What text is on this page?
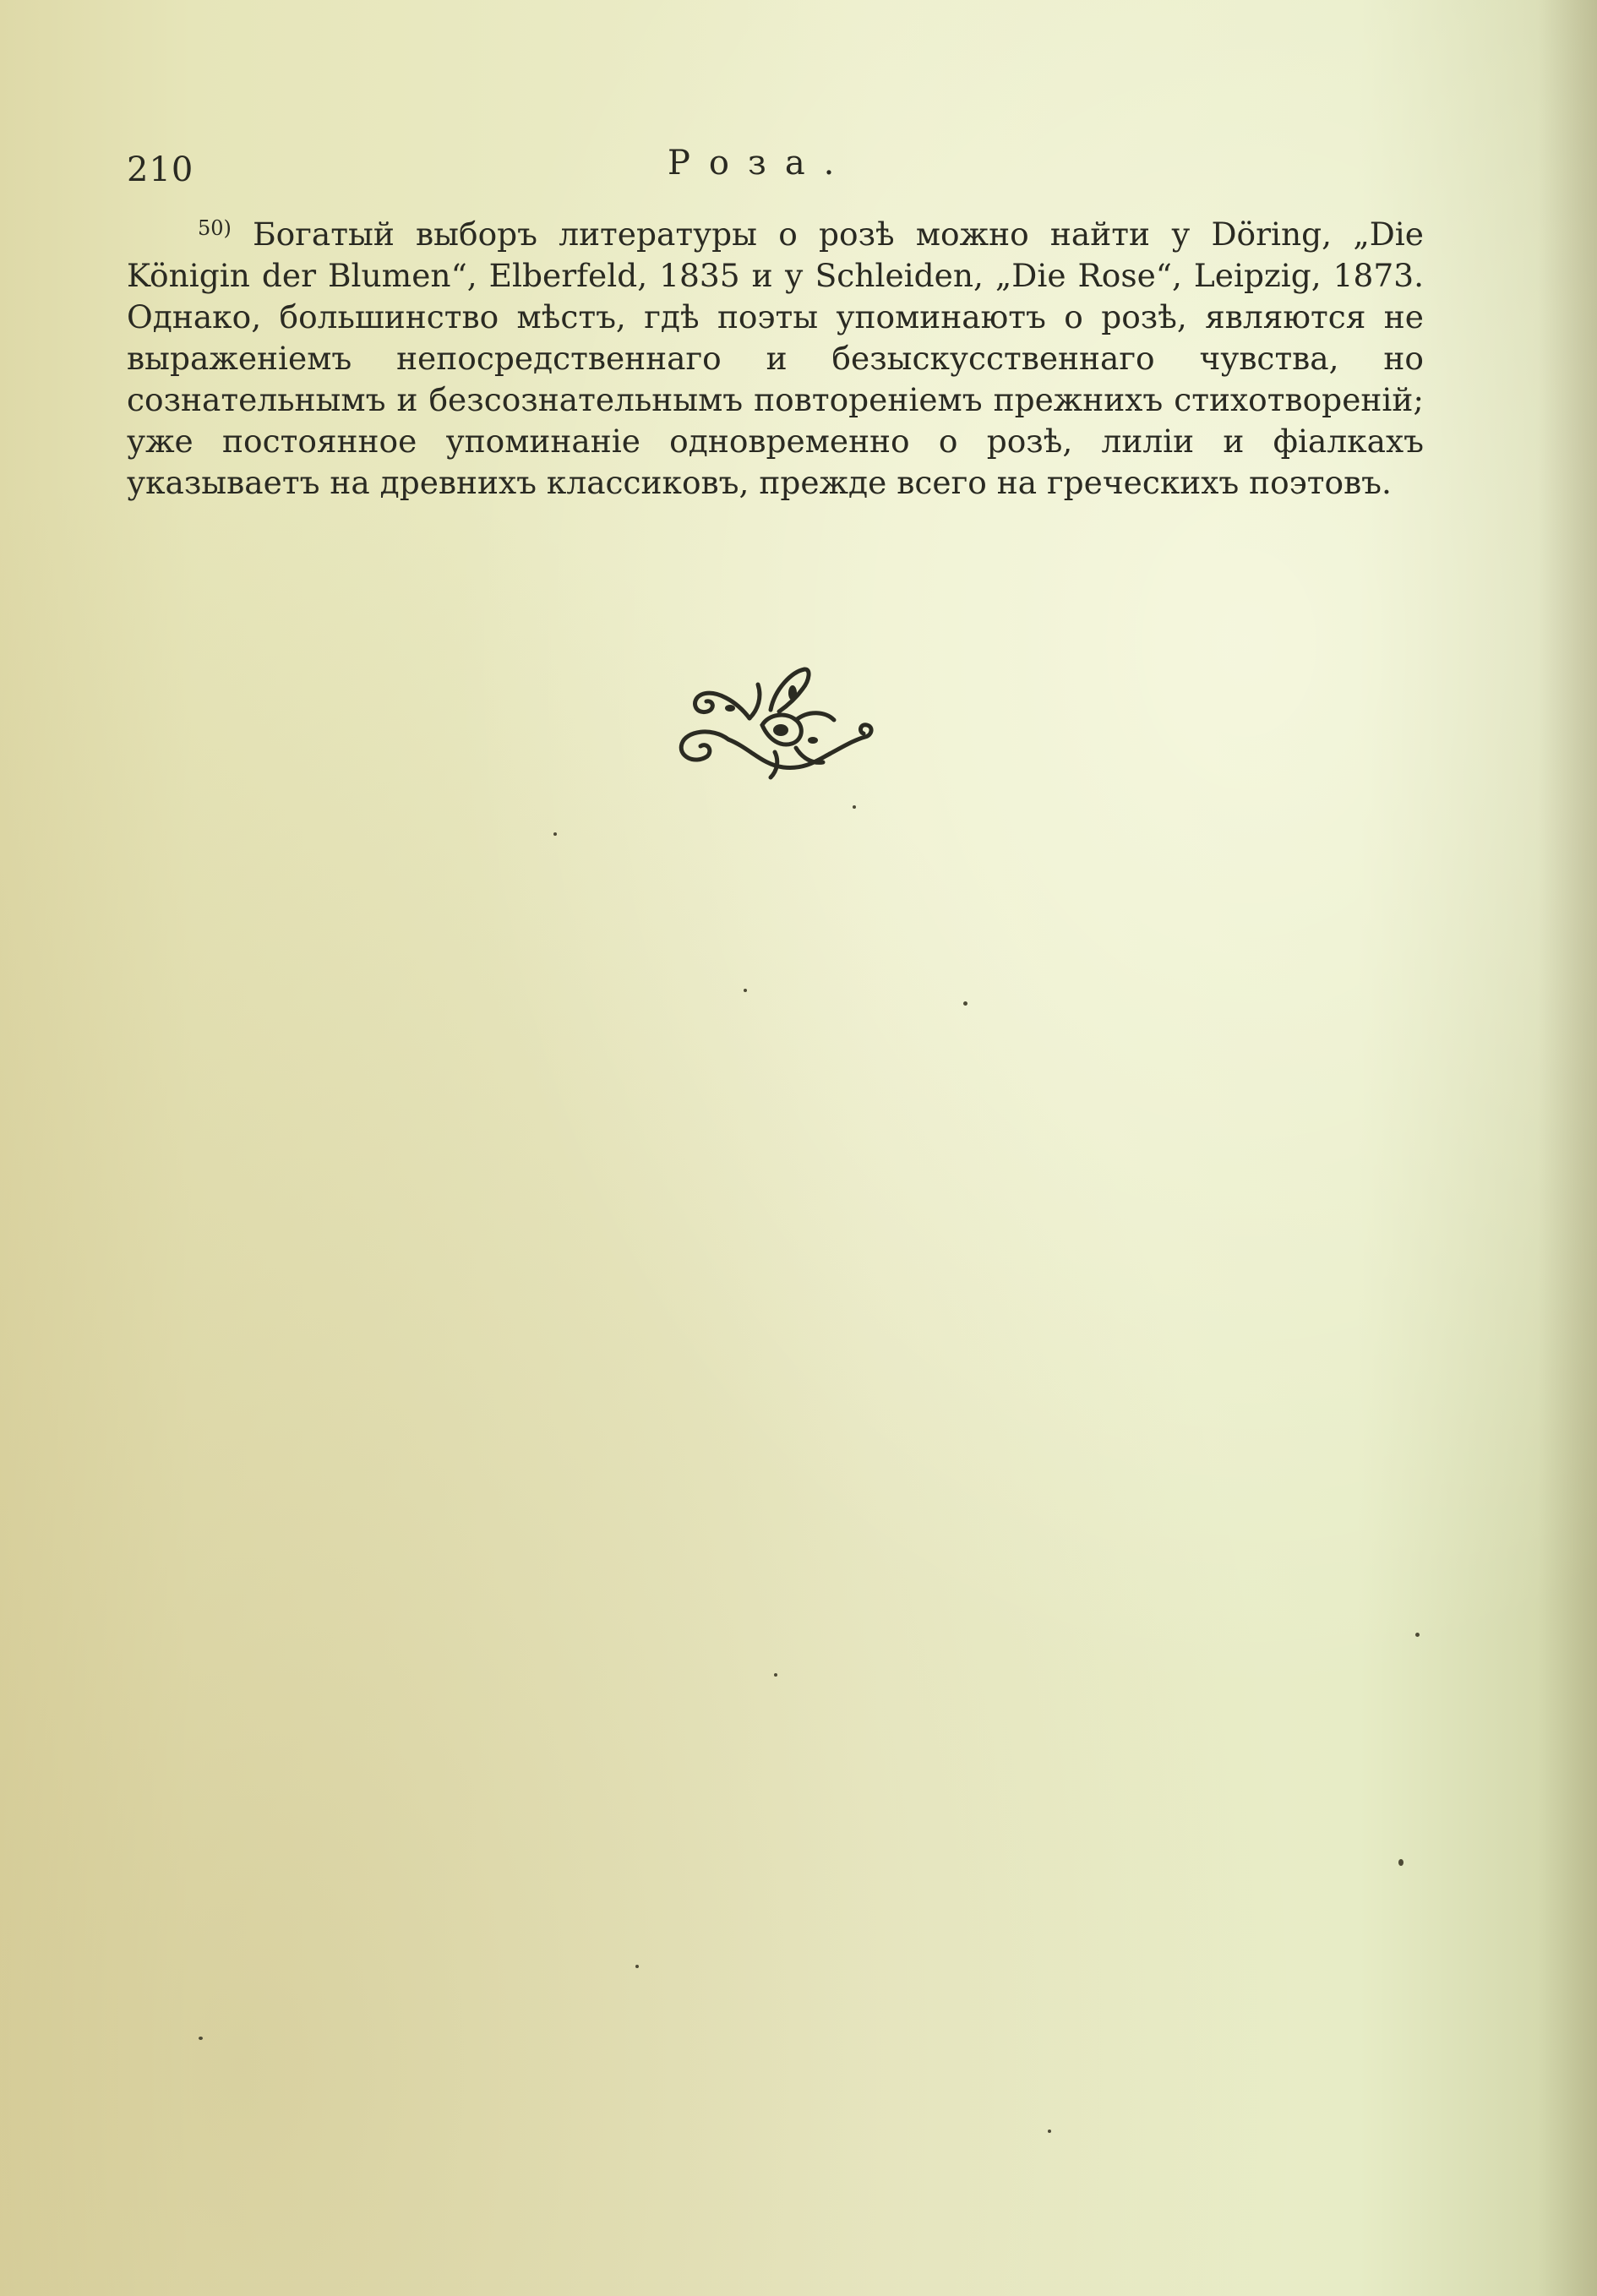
210	Роза.

$^{50)}$ Богатый выборъ литературы о розѣ можно найти у Döring, „Die Königin der Blumen“, Elberfeld, 1835 и у Schleiden, „Die Rose“, Leipzig, 1873. Однако, большинство мѣстъ, гдѣ поэты упоминаютъ о розѣ, являются не выраженіемъ непосредственнаго и безыскусственнаго чувства, но сознательнымъ и безсознательнымъ повтореніемъ прежнихъ стихотвореній; уже постоянное упоминаніе одновременно о розѣ, лиліи и фіалкахъ указываетъ на древнихъ классиковъ, прежде всего на греческихъ поэтовъ.
